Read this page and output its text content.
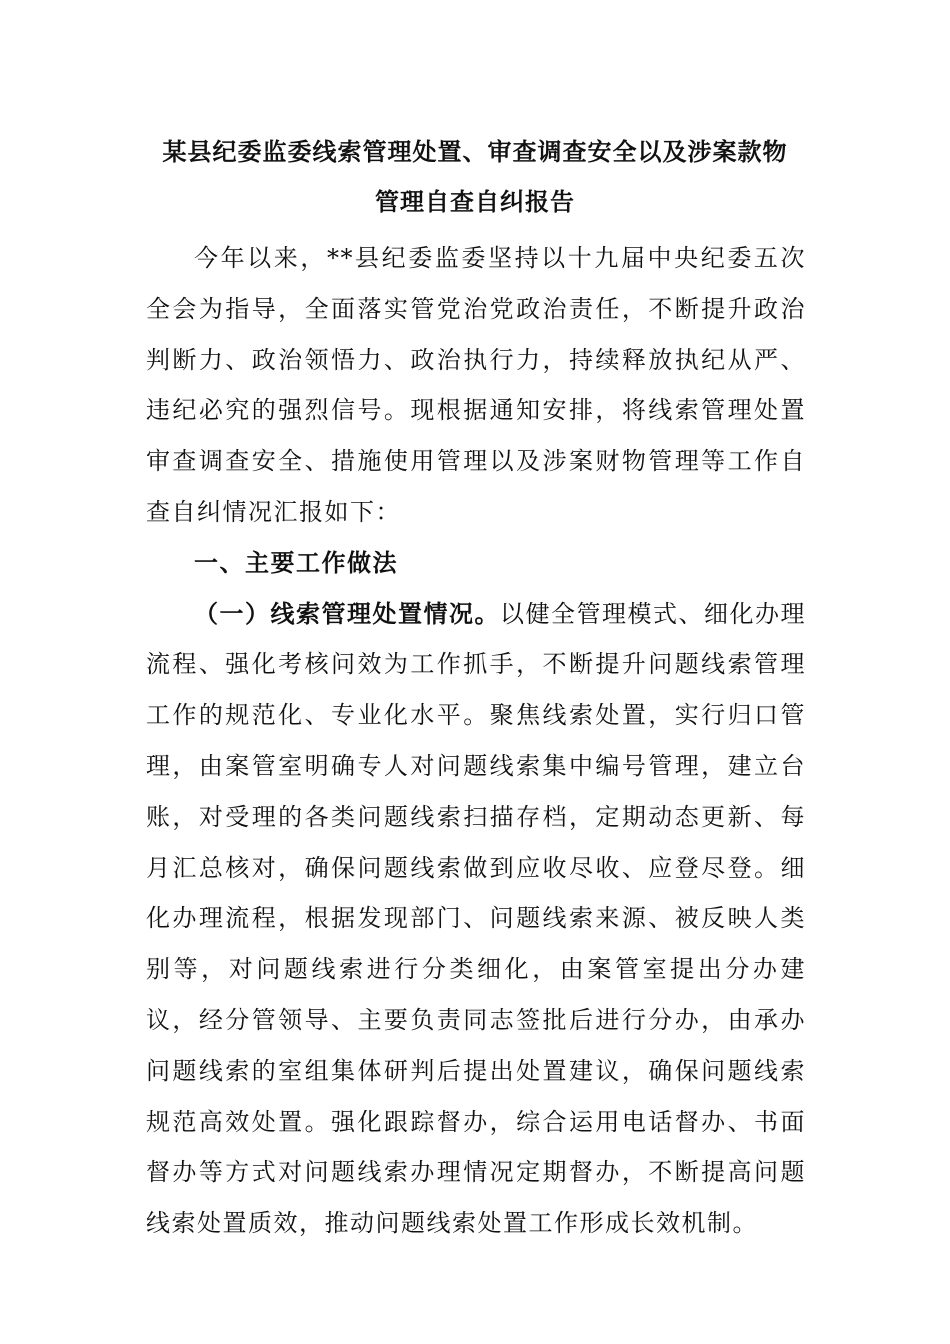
某县纪委监委线索管理处置、审查调查安全以及涉案款物
管理自查自纠报告

今年以来，**县纪委监委坚持以十九届中央纪委五次全会为指导，全面落实管党治党政治责任，不断提升政治判断力、政治领悟力、政治执行力，持续释放执纪从严、违纪必究的强烈信号。现根据通知安排，将线索管理处置审查调查安全、措施使用管理以及涉案财物管理等工作自查自纠情况汇报如下：

一、主要工作做法

（一）线索管理处置情况。以健全管理模式、细化办理流程、强化考核问效为工作抓手，不断提升问题线索管理工作的规范化、专业化水平。聚焦线索处置，实行归口管理，由案管室明确专人对问题线索集中编号管理，建立台账，对受理的各类问题线索扫描存档，定期动态更新、每月汇总核对，确保问题线索做到应收尽收、应登尽登。细化办理流程，根据发现部门、问题线索来源、被反映人类别等，对问题线索进行分类细化，由案管室提出分办建议，经分管领导、主要负责同志签批后进行分办，由承办问题线索的室组集体研判后提出处置建议，确保问题线索规范高效处置。强化跟踪督办，综合运用电话督办、书面督办等方式对问题线索办理情况定期督办，不断提高问题线索处置质效，推动问题线索处置工作形成长效机制。
